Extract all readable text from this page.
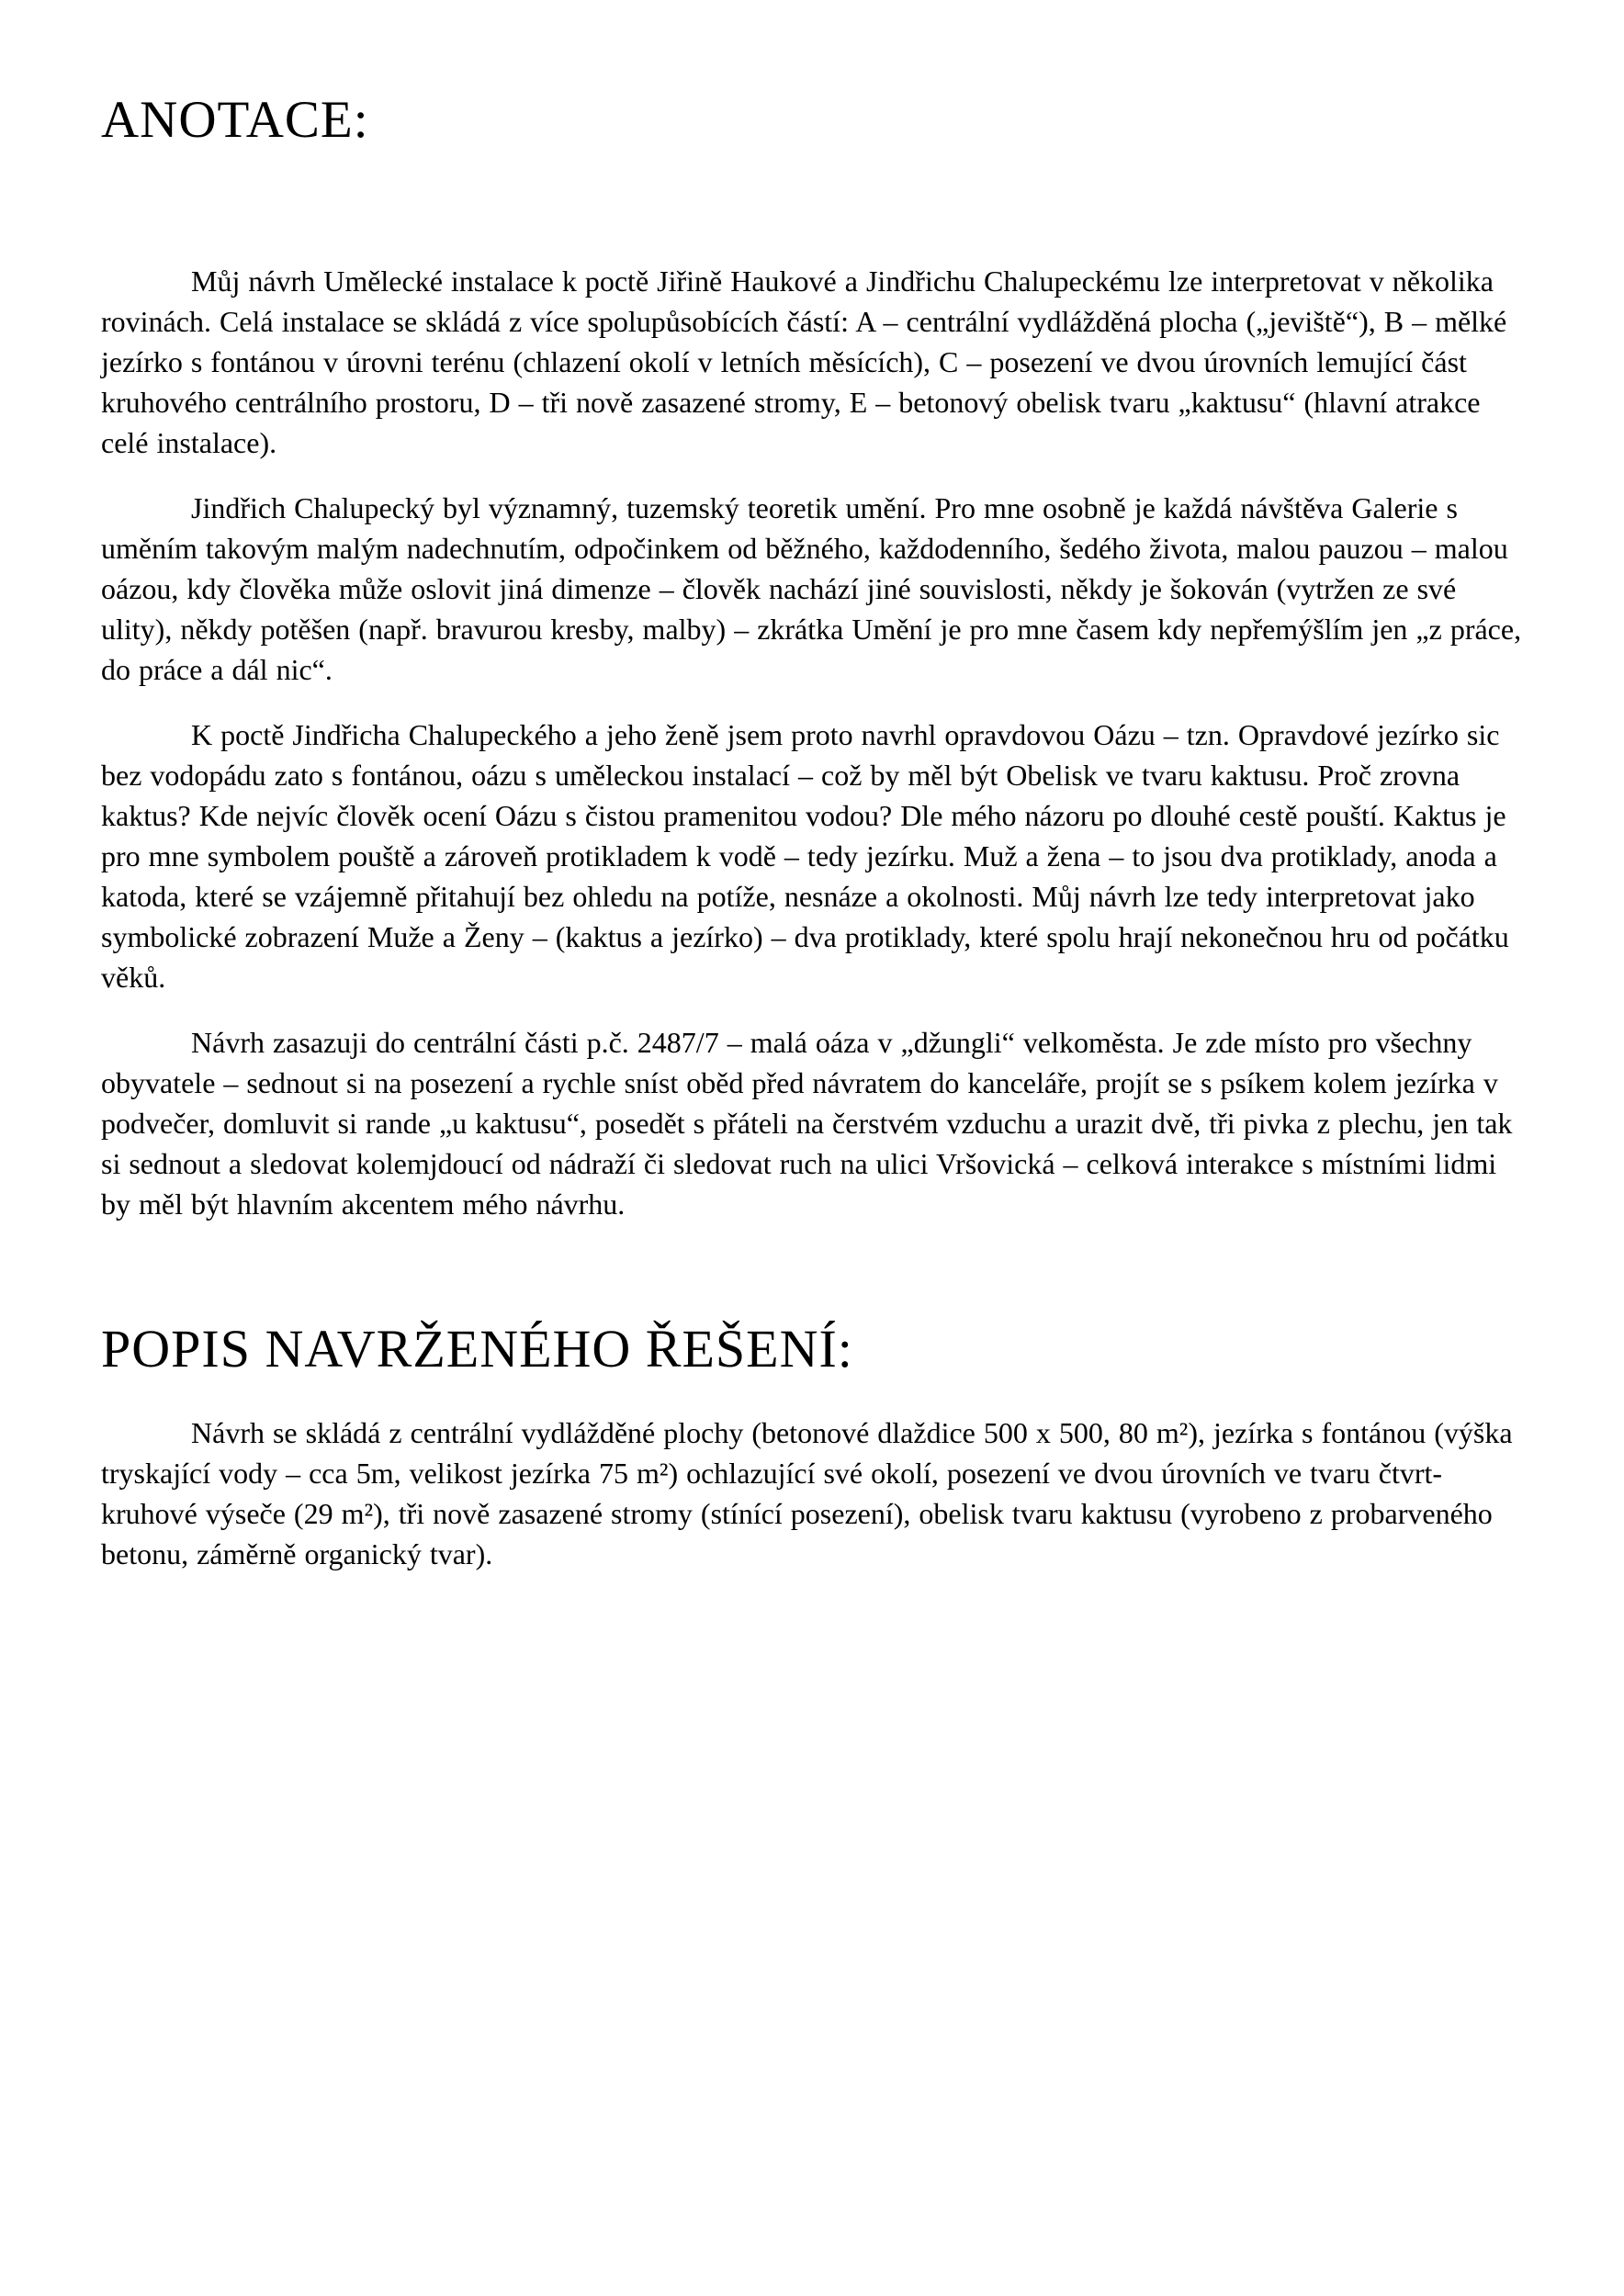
ANOTACE:

Můj návrh Umělecké instalace k poctě Jiřině Haukové a Jindřichu Chalupeckému lze interpretovat v několika rovinách. Celá instalace se skládá z více spolupůsobících částí: A – centrální vydlážděná plocha („jeviště“), B – mělké jezírko s fontánou v úrovni terénu (chlazení okolí v letních měsících), C – posezení ve dvou úrovních lemující část kruhového centrálního prostoru, D – tři nově zasazené stromy, E – betonový obelisk tvaru „kaktusu“ (hlavní atrakce celé instalace).

Jindřich Chalupecký byl významný, tuzemský teoretik umění. Pro mne osobně je každá návštěva Galerie s uměním takovým malým nadechnutím, odpočinkem od běžného, každodenního, šedého života, malou pauzou – malou oázou, kdy člověka může oslovit jiná dimenze – člověk nachází jiné souvislosti, někdy je šokován (vytržen ze své ulity), někdy potěšen (např. bravurou kresby, malby) – zkrátka Umění je pro mne časem kdy nepřemýšlím jen „z práce, do práce a dál nic“.

K poctě Jindřicha Chalupeckého a jeho ženě jsem proto navrhl opravdovou Oázu – tzn. Opravdové jezírko sic bez vodopádu zato s fontánou, oázu s uměleckou instalací – což by měl být Obelisk ve tvaru kaktusu. Proč zrovna kaktus? Kde nejvíc člověk ocení Oázu s čistou pramenitou vodou? Dle mého názoru po dlouhé cestě pouští. Kaktus je pro mne symbolem pouště a zároveň protikladem k vodě – tedy jezírku. Muž a žena – to jsou dva protiklady, anoda a katoda, které se vzájemně přitahují bez ohledu na potíže, nesnáze a okolnosti. Můj návrh lze tedy interpretovat jako symbolické zobrazení Muže a Ženy – (kaktus a jezírko) – dva protiklady, které spolu hrají nekonečnou hru od počátku věků.

Návrh zasazuji do centrální části p.č. 2487/7 – malá oáza v „džungli“ velkoměsta. Je zde místo pro všechny obyvatele – sednout si na posezení a rychle sníst oběd před návratem do kanceláře, projít se s psíkem kolem jezírka v podvečer, domluvit si rande „u kaktusu“, posedět s přáteli na čerstvém vzduchu a urazit dvě, tři pivka z plechu, jen tak si sednout a sledovat kolemjdoucí od nádraží či sledovat ruch na ulici Vršovická – celková interakce s místními lidmi by měl být hlavním akcentem mého návrhu.

POPIS NAVRŽENÉHO ŘEŠENÍ:

Návrh se skládá z centrální vydlážděné plochy (betonové dlaždice 500 x 500, 80 m²), jezírka s fontánou (výška tryskající vody – cca 5m, velikost jezírka 75 m²) ochlazující své okolí, posezení ve dvou úrovních ve tvaru čtvrt-kruhové výseče (29 m²), tři nově zasazené stromy (stínící posezení), obelisk tvaru kaktusu (vyrobeno z probarveného betonu, záměrně organický tvar).
